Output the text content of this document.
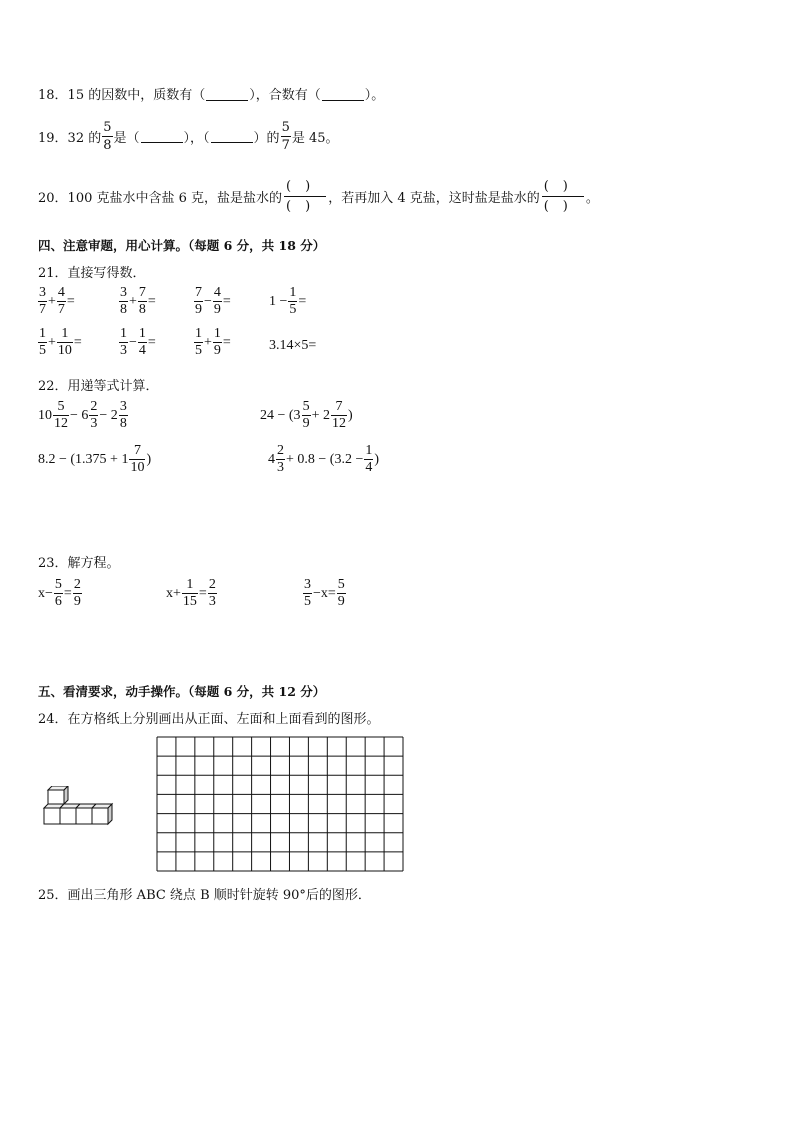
18．15 的因数中，质数有（	），合数有（	）。
19． 32 的 $\frac{5}{8}$ 是（	），（	）的 $\frac{5}{7}$ 是 45。
20． 100 克盐水中含盐 6 克，盐是盐水的
()
()
，若再加入 4 克盐，这时盐是盐水的
()
()
。
四、注意审题，用心计算。（每题 6 分，共 18 分）
21．直接写得数．
$\frac{3}{7} + \frac{4}{7}$ =	$\frac{3}{8} + \frac{7}{8}$ =	$\frac{7}{9} - \frac{4}{9}$ =	$1 - \frac{1}{5}$ =
$\frac{1}{5} + \frac{1}{10}$ =	$\frac{1}{3} - \frac{1}{4}$ =	$\frac{1}{5} + \frac{1}{9}$ =	3.14×5=
22．用递等式计算．
$10 \frac{5}{12} - 6 \frac{2}{3} - 2 \frac{3}{8}$	$24 - (3 \frac{5}{9} + 2 \frac{7}{12}$ )
$8.2 - (1.375 + 1 \frac{7}{10}$ )	$4 \frac{2}{3} + 0.8 - (3.2 - \frac{1}{4}$ )
23．解方程。
$x- \frac{5}{6} = \frac{2}{9}$	$x+ \frac{1}{15} = \frac{2}{3}$	$\frac{3}{5} -x= \frac{5}{9}$
五、看清要求，动手操作。（每题 6 分，共 12 分）
24．在方格纸上分别画出从正面、左面和上面看到的图形。
25．画出三角形 ABC 绕点 B 顺时针旋转 90°后的图形．
